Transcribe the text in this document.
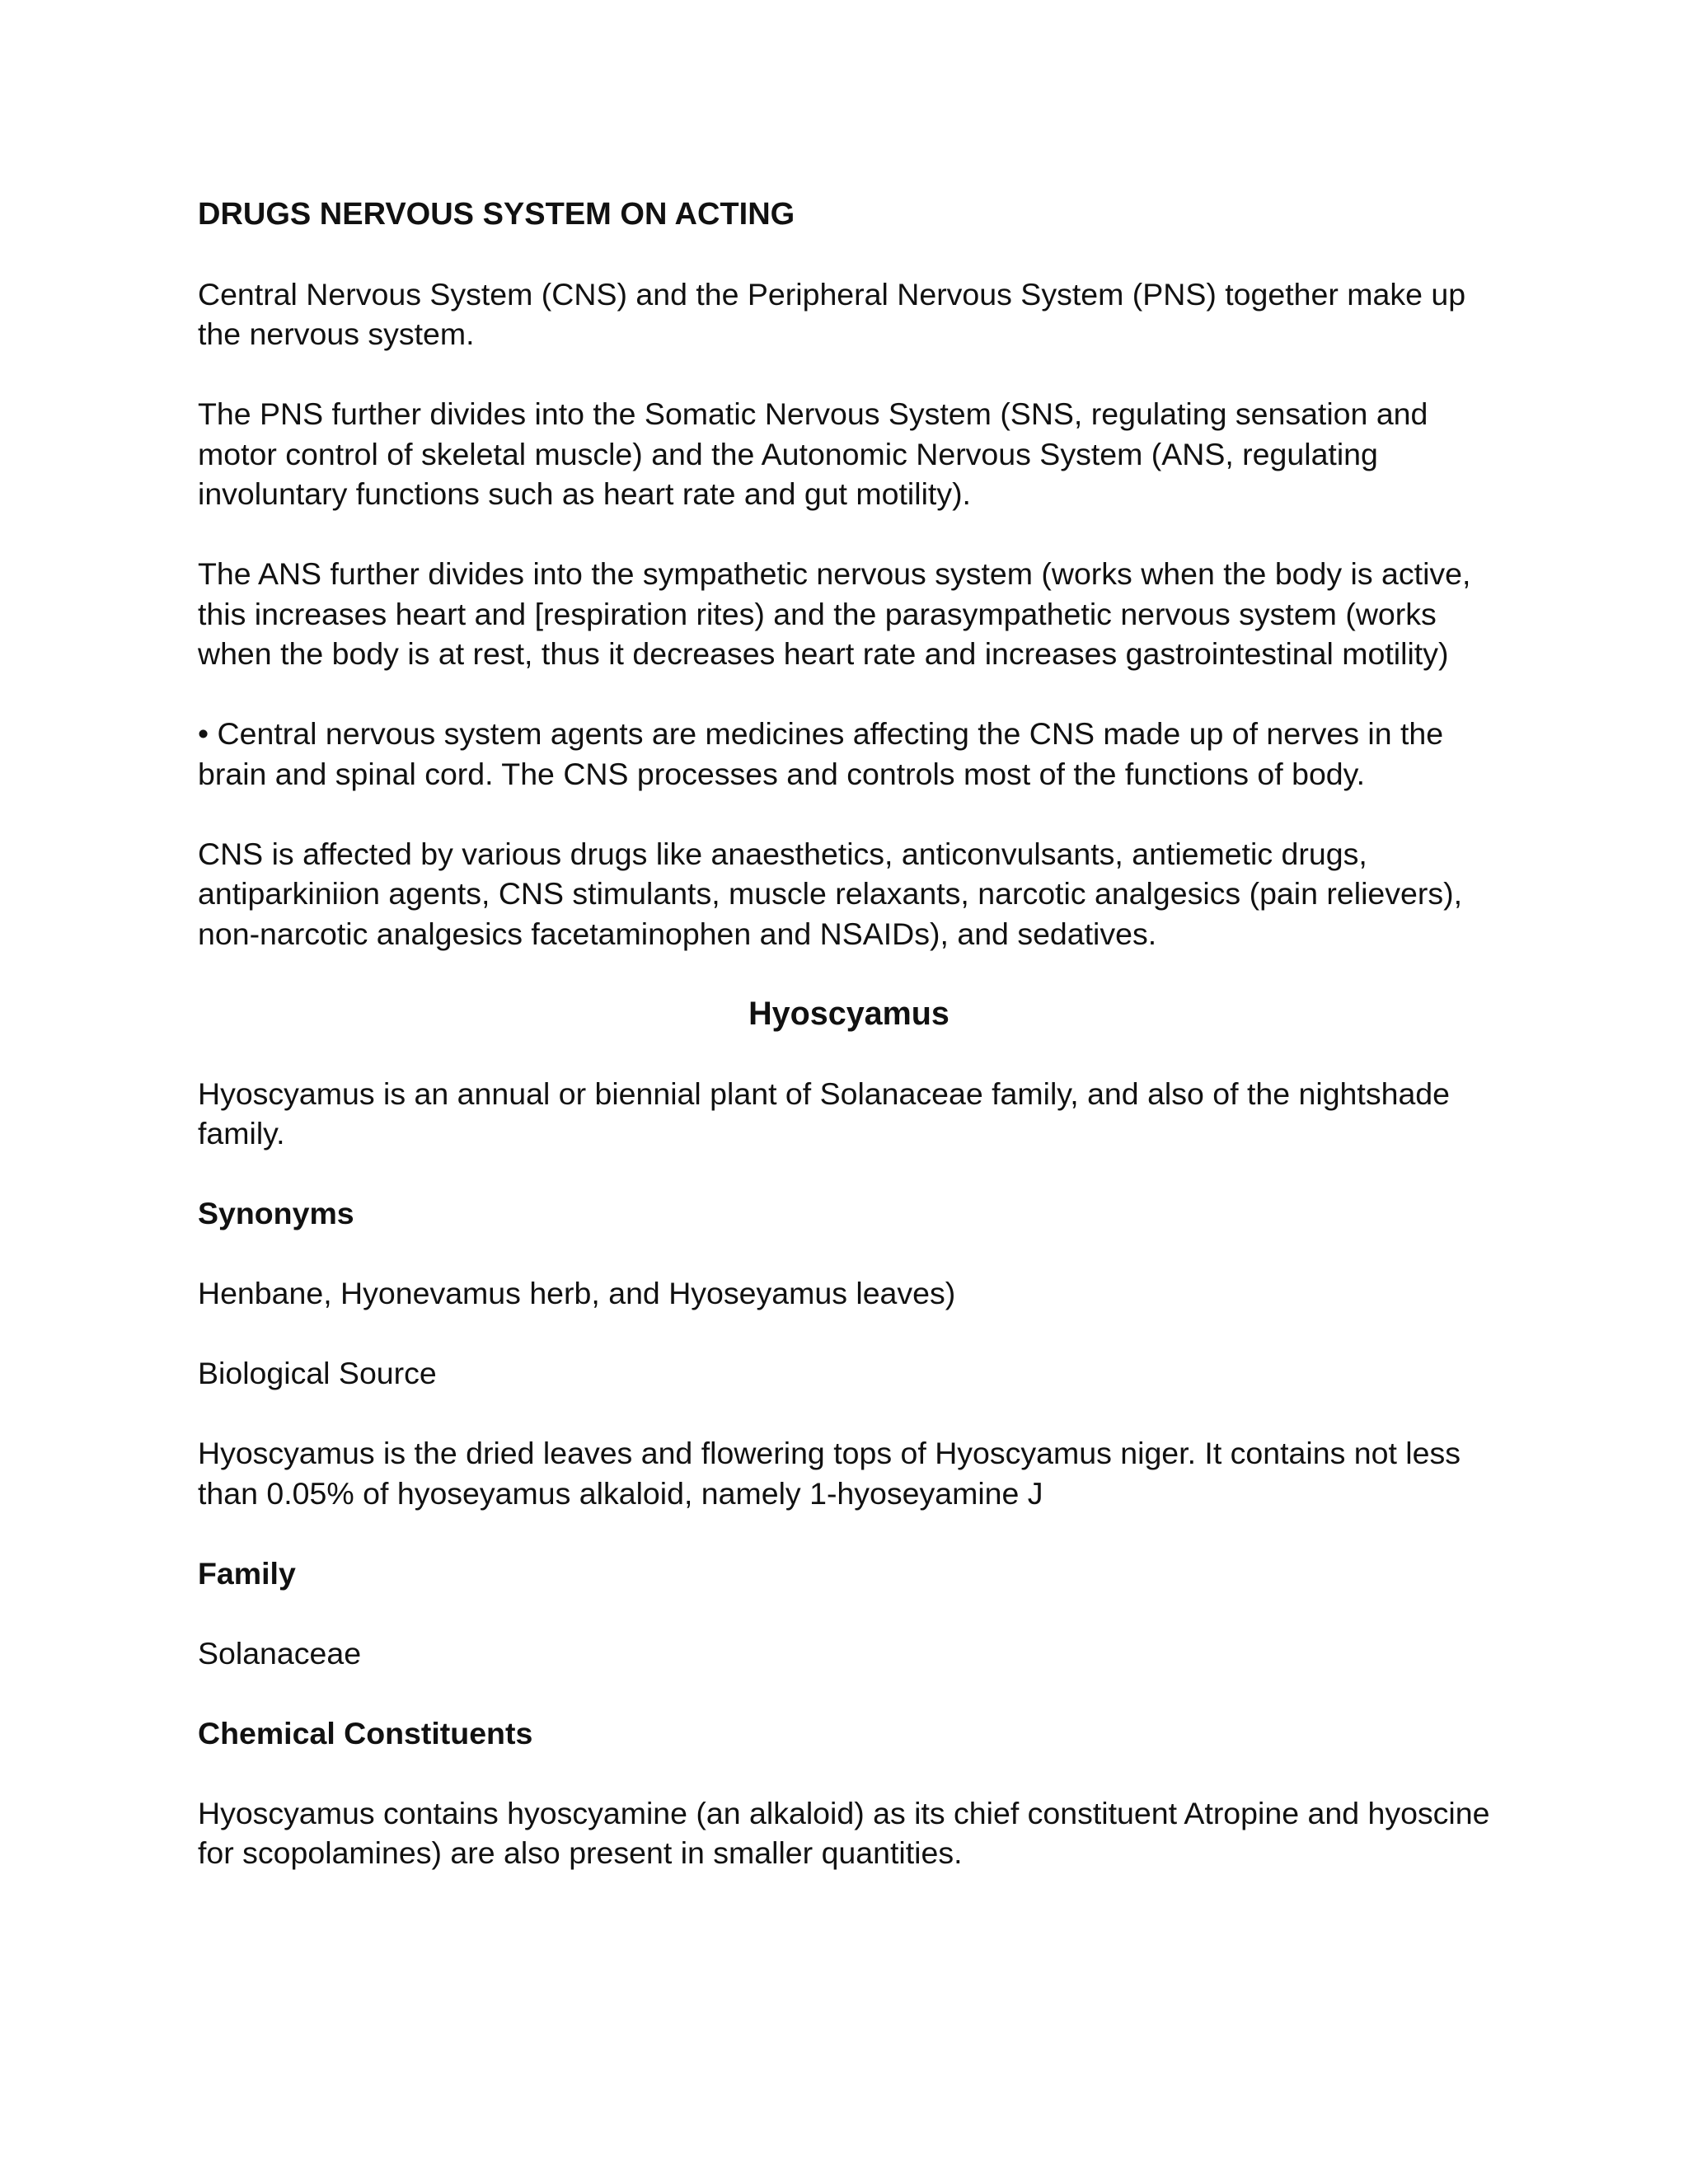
DRUGS NERVOUS SYSTEM ON ACTING

Central Nervous System (CNS) and the Peripheral Nervous System (PNS) together make up the nervous system.

The PNS further divides into the Somatic Nervous System (SNS, regulating sensation and motor control of skeletal muscle) and the Autonomic Nervous System (ANS, regulating involuntary functions such as heart rate and gut motility).

The ANS further divides into the sympathetic nervous system (works when the body is active, this increases heart and [respiration rites) and the parasympathetic nervous system (works when the body is at rest, thus it decreases heart rate and increases gastrointestinal motility)

• Central nervous system agents are medicines affecting the CNS made up of nerves in the brain and spinal cord. The CNS processes and controls most of the functions of body.

CNS is affected by various drugs like anaesthetics, anticonvulsants, antiemetic drugs, antiparkiniion agents, CNS stimulants, muscle relaxants, narcotic analgesics (pain relievers), non-narcotic analgesics facetaminophen and NSAIDs), and sedatives.

Hyoscyamus

Hyoscyamus is an annual or biennial plant of Solanaceae family, and also of the nightshade family.

Synonyms

Henbane, Hyonevamus herb, and Hyoseyamus leaves)

Biological Source

Hyoscyamus is the dried leaves and flowering tops of Hyoscyamus niger. It contains not less than 0.05% of hyoseyamus alkaloid, namely 1-hyoseyamine J

Family

Solanaceae

Chemical Constituents

Hyoscyamus contains hyoscyamine (an alkaloid) as its chief constituent Atropine and hyoscine for scopolamines) are also present in smaller quantities.
